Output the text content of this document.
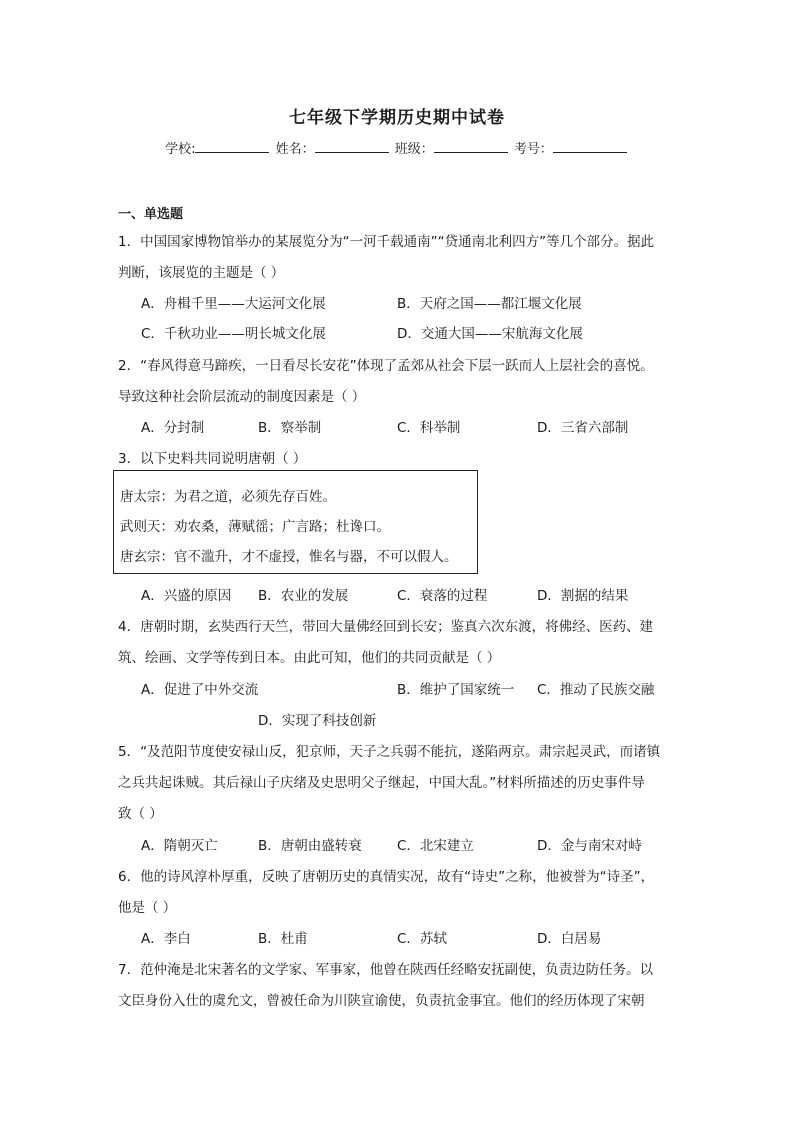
七年级下学期历史期中试卷
学校:	姓名：	班级：	考号：
一、单选题
1．中国国家博物馆举办的某展览分为“一河千载通南”“贷通南北利四方”等几个部分。据此
判断，该展览的主题是（ ）
A．舟楫千里——大运河文化展	B．天府之国——都江堰文化展
C．千秋功业——明长城文化展	D．交通大国——宋航海文化展
2．“春风得意马蹄疾，一日看尽长安花”体现了孟郊从社会下层一跃而人上层社会的喜悦。
导致这种社会阶层流动的制度因素是（ ）
A．分封制	B．察举制	C．科举制	D．三省六部制
3．以下史料共同说明唐朝（ ）
唐太宗：为君之道，必须先存百姓。
武则天：劝农桑，薄赋徭；广言路；杜谗口。
唐玄宗：官不滥升，才不虚授，惟名与器，不可以假人。
A．兴盛的原因 B．农业的发展	C．衰落的过程	D．割据的结果
4．唐朝时期，玄奘西行天竺，带回大量佛经回到长安；鉴真六次东渡，将佛经、医药、建
筑、绘画、文学等传到日本。由此可知，他们的共同贡献是（ ）
A．促进了中外交流	B．维护了国家统一 C．推动了民族交融
D．实现了科技创新
5．“及范阳节度使安禄山反，犯京师，天子之兵弱不能抗，遂陷两京。肃宗起灵武，而诸镇
之兵共起诛贼。其后禄山子庆绪及史思明父子继起，中国大乱。”材料所描述的历史事件导
致（ ）
A．隋朝灭亡	B．唐朝由盛转衰	C．北宋建立	D．金与南宋对峙
6．他的诗风淳朴厚重，反映了唐朝历史的真情实况，故有“诗史”之称，他被誉为“诗圣”，
他是（ ）
A．李白	B．杜甫	C．苏轼	D．白居易
7．范仲淹是北宋著名的文学家、军事家，他曾在陕西任经略安抚副使，负责边防任务。以
文臣身份入仕的虞允文，曾被任命为川陕宣谕使，负责抗金事宜。他们的经历体现了宋朝
